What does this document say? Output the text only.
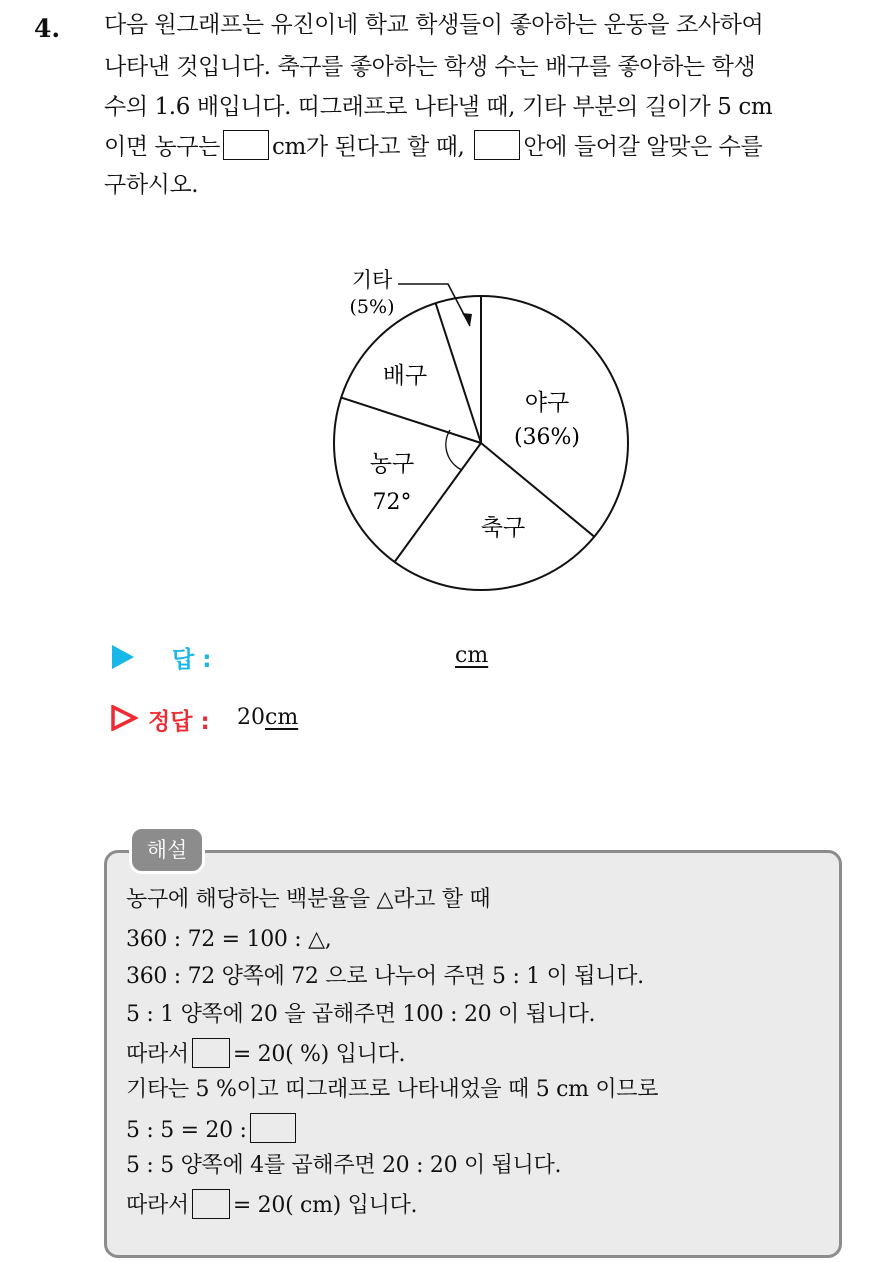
4. 다음 원그래프는 유진이네 학교 학생들이 좋아하는 운동을 조사하여
나타낸 것입니다. 축구를 좋아하는 학생 수는 배구를 좋아하는 학생
수의 1.6 배입니다. 띠그래프로 나타낼 때, 기타 부분의 길이가 5 cm
이면 농구는 cm가 된다고 할 때,	안에 들어갈 알맞은 수를
구하시오.
야구
(36%)
축구
농구
72°
배구
기타
(5%)
답 :	cm
정답 : 20cm
해설
농구에 해당하는 백분율을 △라고 할 때
360 : 72 = 100 : △,
360 : 72 양쪽에 72 으로 나누어 주면 5 : 1 이 됩니다.
5 : 1 양쪽에 20 을 곱해주면 100 : 20 이 됩니다.
따라서 = 20( %) 입니다.
기타는 5 %이고 띠그래프로 나타내었을 때 5 cm 이므로
5 : 5 = 20 :
5 : 5 양쪽에 4를 곱해주면 20 : 20 이 됩니다.
따라서 = 20( cm) 입니다.
